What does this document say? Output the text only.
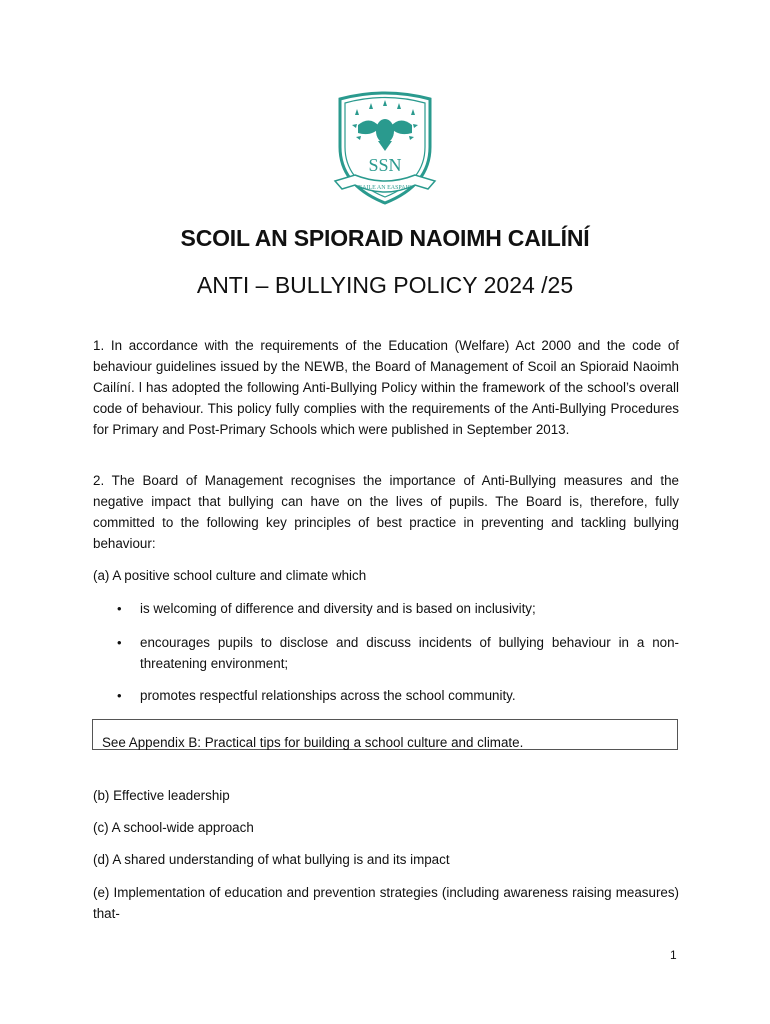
SSN
BAILE AN EASPAIG
SCOIL AN SPIORAID NAOIMH CAILÍNÍ
ANTI – BULLYING POLICY 2024 /25

1. In accordance with the requirements of the Education (Welfare) Act 2000 and the code of behaviour guidelines issued by the NEWB, the Board of Management of Scoil an Spioraid Naoimh Cailíní. l has adopted the following Anti-Bullying Policy within the framework of the school’s overall code of behaviour. This policy fully complies with the requirements of the Anti-Bullying Procedures for Primary and Post-Primary Schools which were published in September 2013.

2. The Board of Management recognises the importance of Anti-Bullying measures and the negative impact that bullying can have on the lives of pupils. The Board is, therefore, fully committed to the following key principles of best practice in preventing and tackling bullying behaviour:

(a) A positive school culture and climate which

• is welcoming of difference and diversity and is based on inclusivity;

• encourages pupils to disclose and discuss incidents of bullying behaviour in a non-threatening environment;

• promotes respectful relationships across the school community.

See Appendix B: Practical tips for building a school culture and climate.

(b) Effective leadership

(c) A school-wide approach

(d) A shared understanding of what bullying is and its impact

(e) Implementation of education and prevention strategies (including awareness raising measures) that-

1
